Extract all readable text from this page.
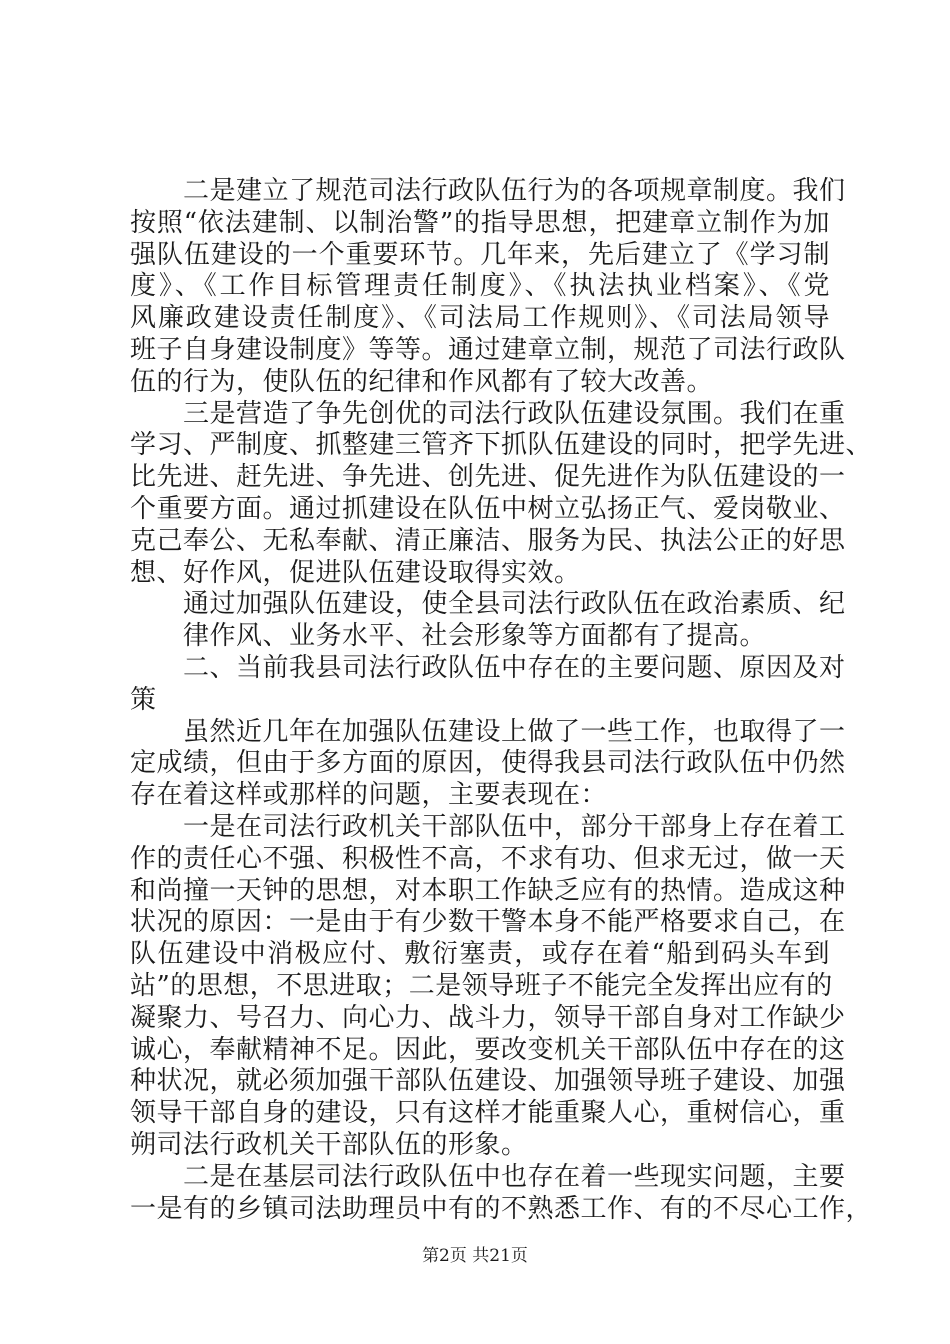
　　二是建立了规范司法行政队伍行为的各项规章制度。我们
按照“依法建制、以制治警”的指导思想，把建章立制作为加
强队伍建设的一个重要环节。几年来，先后建立了《学习制
度》、《工作目标管理责任制度》、《执法执业档案》、《党
风廉政建设责任制度》、《司法局工作规则》、《司法局领导
班子自身建设制度》等等。通过建章立制，规范了司法行政队
伍的行为，使队伍的纪律和作风都有了较大改善。
　　三是营造了争先创优的司法行政队伍建设氛围。我们在重
学习、严制度、抓整建三管齐下抓队伍建设的同时，把学先进、
比先进、赶先进、争先进、创先进、促先进作为队伍建设的一
个重要方面。通过抓建设在队伍中树立弘扬正气、爱岗敬业、
克己奉公、无私奉献、清正廉洁、服务为民、执法公正的好思
想、好作风，促进队伍建设取得实效。
　　通过加强队伍建设，使全县司法行政队伍在政治素质、纪
　　律作风、业务水平、社会形象等方面都有了提高。
　　二、当前我县司法行政队伍中存在的主要问题、原因及对
策
　　虽然近几年在加强队伍建设上做了一些工作，也取得了一
定成绩，但由于多方面的原因，使得我县司法行政队伍中仍然
存在着这样或那样的问题，主要表现在：
　　一是在司法行政机关干部队伍中，部分干部身上存在着工
作的责任心不强、积极性不高，不求有功、但求无过，做一天
和尚撞一天钟的思想，对本职工作缺乏应有的热情。造成这种
状况的原因：一是由于有少数干警本身不能严格要求自己，在
队伍建设中消极应付、敷衍塞责，或存在着“船到码头车到
站”的思想，不思进取；二是领导班子不能完全发挥出应有的
凝聚力、号召力、向心力、战斗力，领导干部自身对工作缺少
诚心，奉献精神不足。因此，要改变机关干部队伍中存在的这
种状况，就必须加强干部队伍建设、加强领导班子建设、加强
领导干部自身的建设，只有这样才能重聚人心，重树信心，重
朔司法行政机关干部队伍的形象。
　　二是在基层司法行政队伍中也存在着一些现实问题，主要
一是有的乡镇司法助理员中有的不熟悉工作、有的不尽心工作，
第2页 共21页
